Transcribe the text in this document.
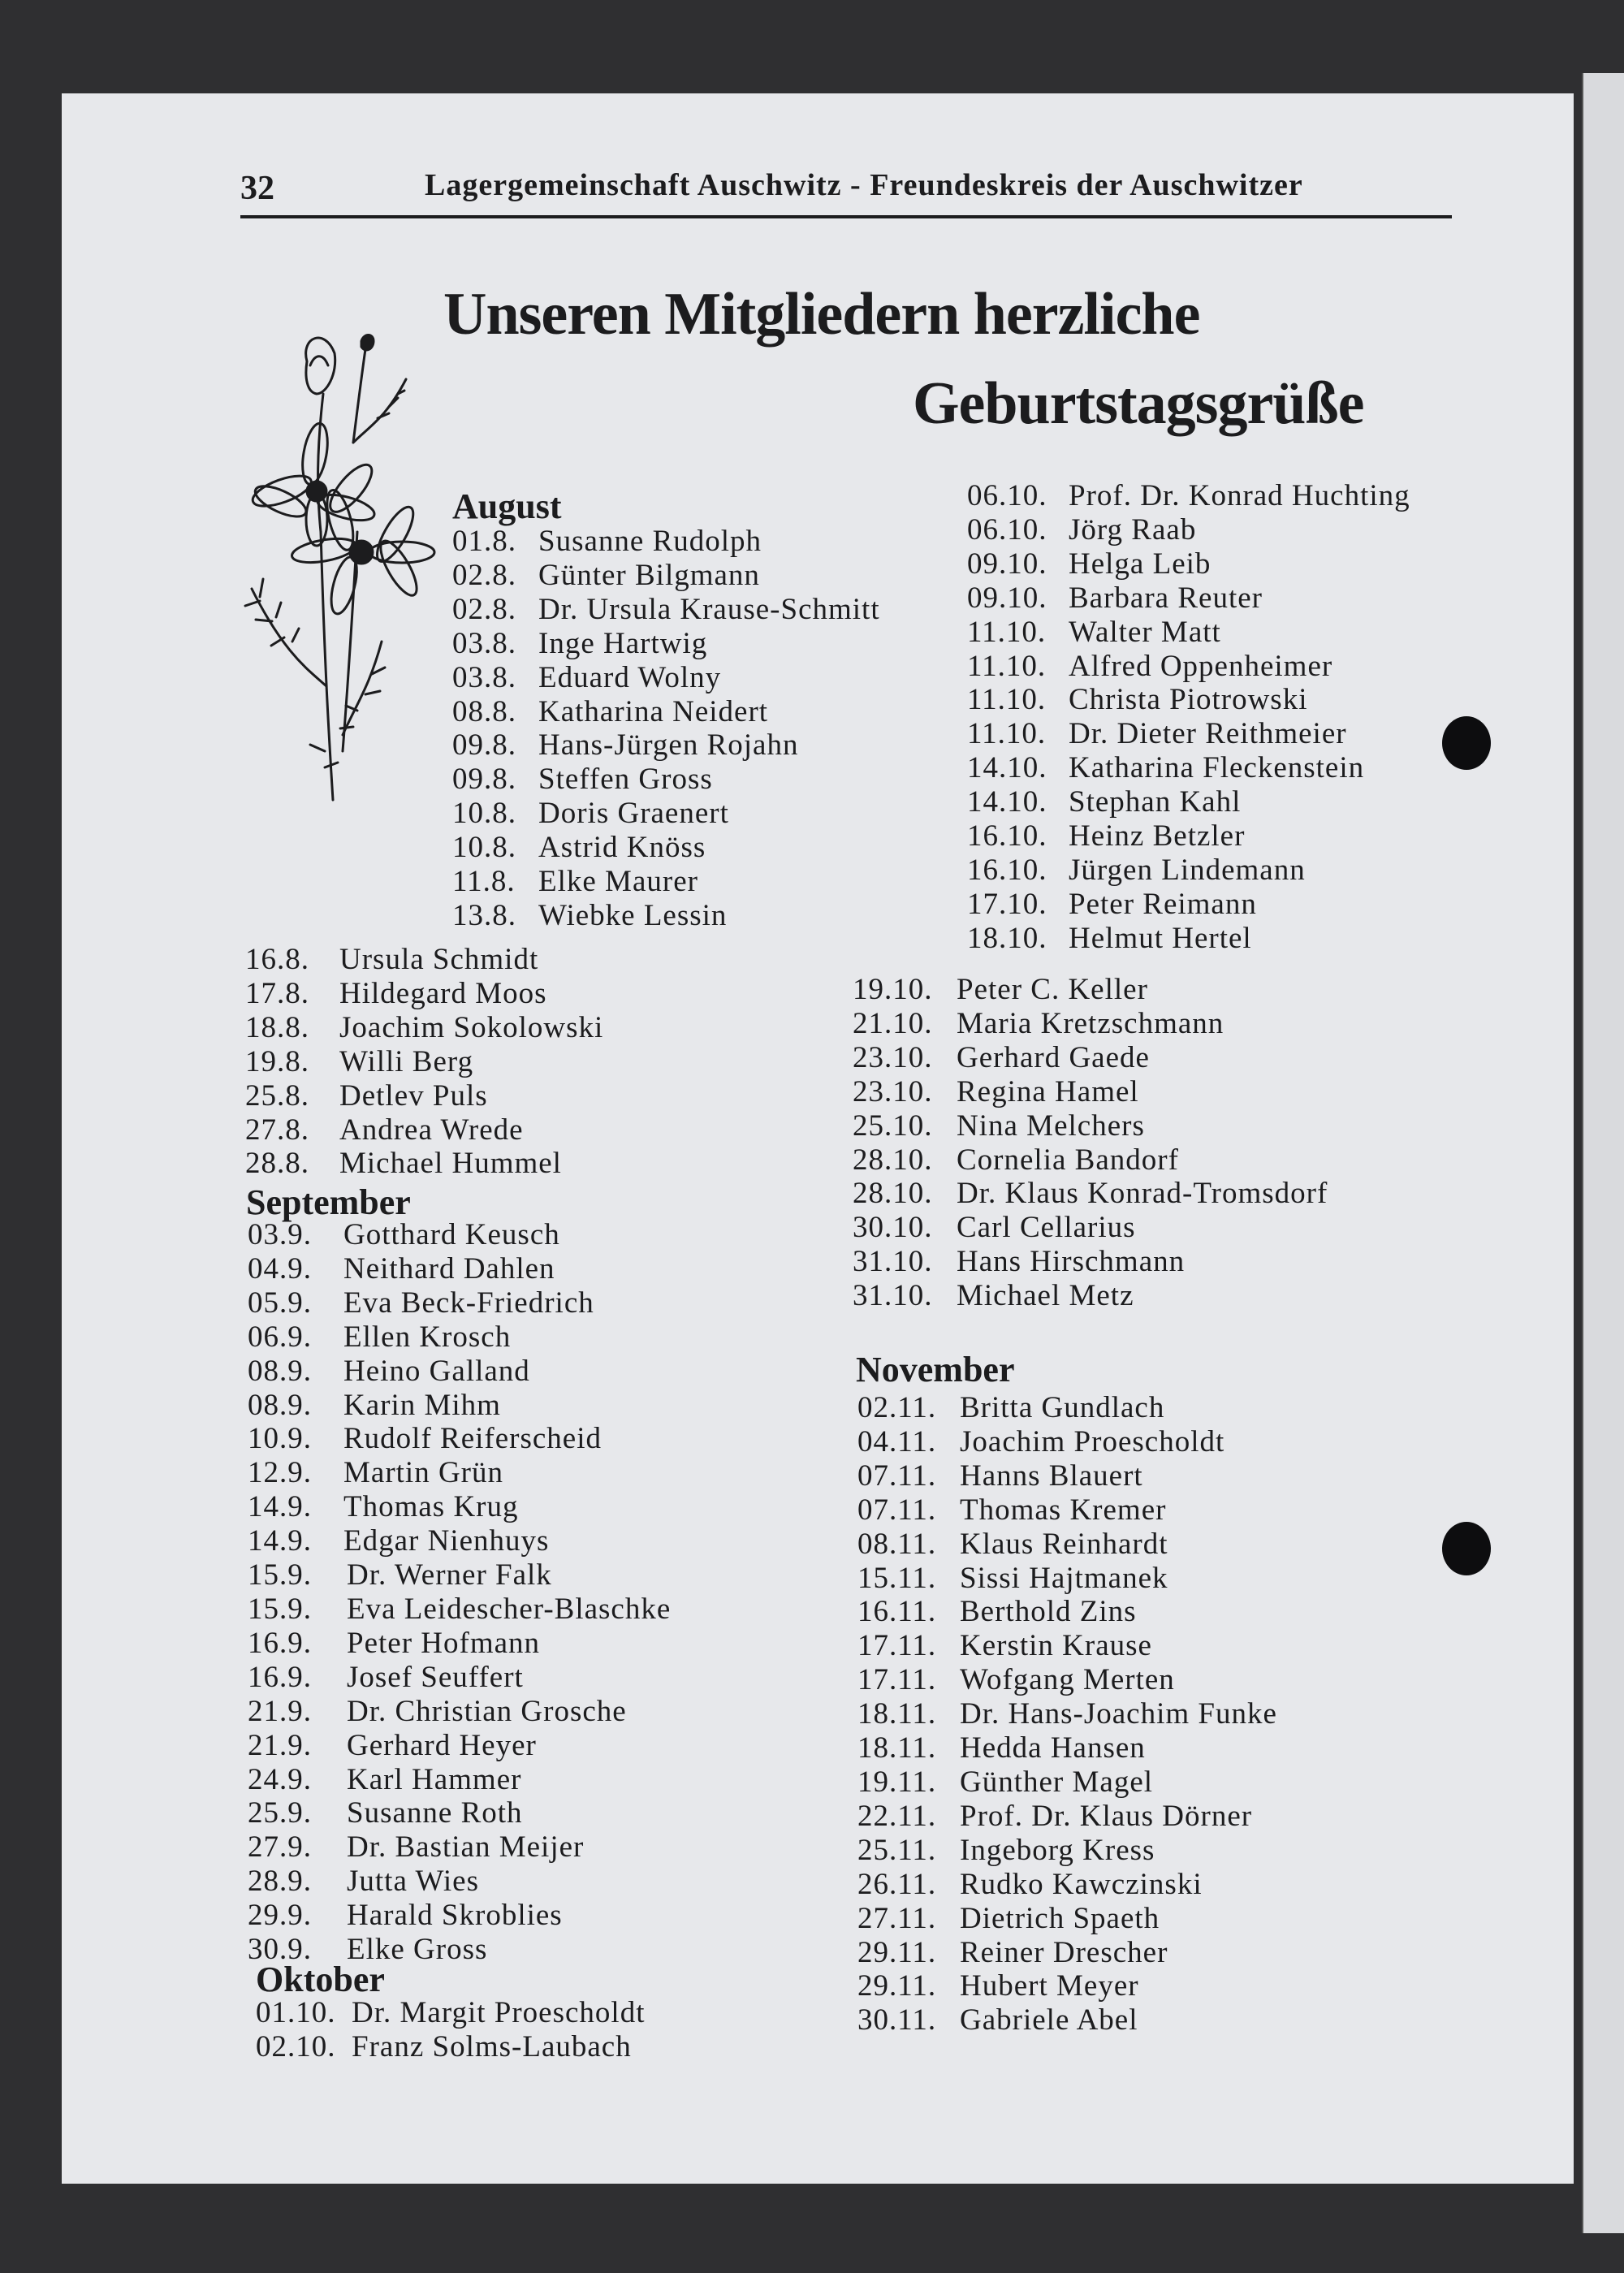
32	Lagergemeinschaft Auschwitz - Freundeskreis der Auschwitzer
Unseren Mitgliedern herzliche
Geburtstagsgrüße
August
01.8. Susanne Rudolph
02.8. Günter Bilgmann
02.8. Dr. Ursula Krause-Schmitt
03.8. Inge Hartwig
03.8. Eduard Wolny
08.8. Katharina Neidert
09.8. Hans-Jürgen Rojahn
09.8. Steffen Gross
10.8. Doris Graenert
10.8. Astrid Knöss
11.8. Elke Maurer
13.8. Wiebke Lessin
16.8. Ursula Schmidt
17.8. Hildegard Moos
18.8. Joachim Sokolowski
19.8. Willi Berg
25.8. Detlev Puls
27.8. Andrea Wrede
28.8. Michael Hummel
September
03.9. Gotthard Keusch
04.9. Neithard Dahlen
05.9. Eva Beck-Friedrich
06.9. Ellen Krosch
08.9. Heino Galland
08.9. Karin Mihm
10.9. Rudolf Reiferscheid
12.9. Martin Grün
14.9. Thomas Krug
14.9. Edgar Nienhuys
15.9. Dr. Werner Falk
15.9. Eva Leidescher-Blaschke
16.9. Peter Hofmann
16.9. Josef Seuffert
21.9. Dr. Christian Grosche
21.9. Gerhard Heyer
24.9. Karl Hammer
25.9. Susanne Roth
27.9. Dr. Bastian Meijer
28.9. Jutta Wies
29.9. Harald Skroblies
30.9. Elke Gross
Oktober
01.10. Dr. Margit Proescholdt
02.10. Franz Solms-Laubach
06.10. Prof. Dr. Konrad Huchting
06.10. Jörg Raab
09.10. Helga Leib
09.10. Barbara Reuter
11.10. Walter Matt
11.10. Alfred Oppenheimer
11.10. Christa Piotrowski
11.10. Dr. Dieter Reithmeier
14.10. Katharina Fleckenstein
14.10. Stephan Kahl
16.10. Heinz Betzler
16.10. Jürgen Lindemann
17.10. Peter Reimann
18.10. Helmut Hertel
19.10. Peter C. Keller
21.10. Maria Kretzschmann
23.10. Gerhard Gaede
23.10. Regina Hamel
25.10. Nina Melchers
28.10. Cornelia Bandorf
28.10. Dr. Klaus Konrad-Tromsdorf
30.10. Carl Cellarius
31.10. Hans Hirschmann
31.10. Michael Metz
November
02.11. Britta Gundlach
04.11. Joachim Proescholdt
07.11. Hanns Blauert
07.11. Thomas Kremer
08.11. Klaus Reinhardt
15.11. Sissi Hajtmanek
16.11. Berthold Zins
17.11. Kerstin Krause
17.11. Wofgang Merten
18.11. Dr. Hans-Joachim Funke
18.11. Hedda Hansen
19.11. Günther Magel
22.11. Prof. Dr. Klaus Dörner
25.11. Ingeborg Kress
26.11. Rudko Kawczinski
27.11. Dietrich Spaeth
29.11. Reiner Drescher
29.11. Hubert Meyer
30.11. Gabriele Abel
